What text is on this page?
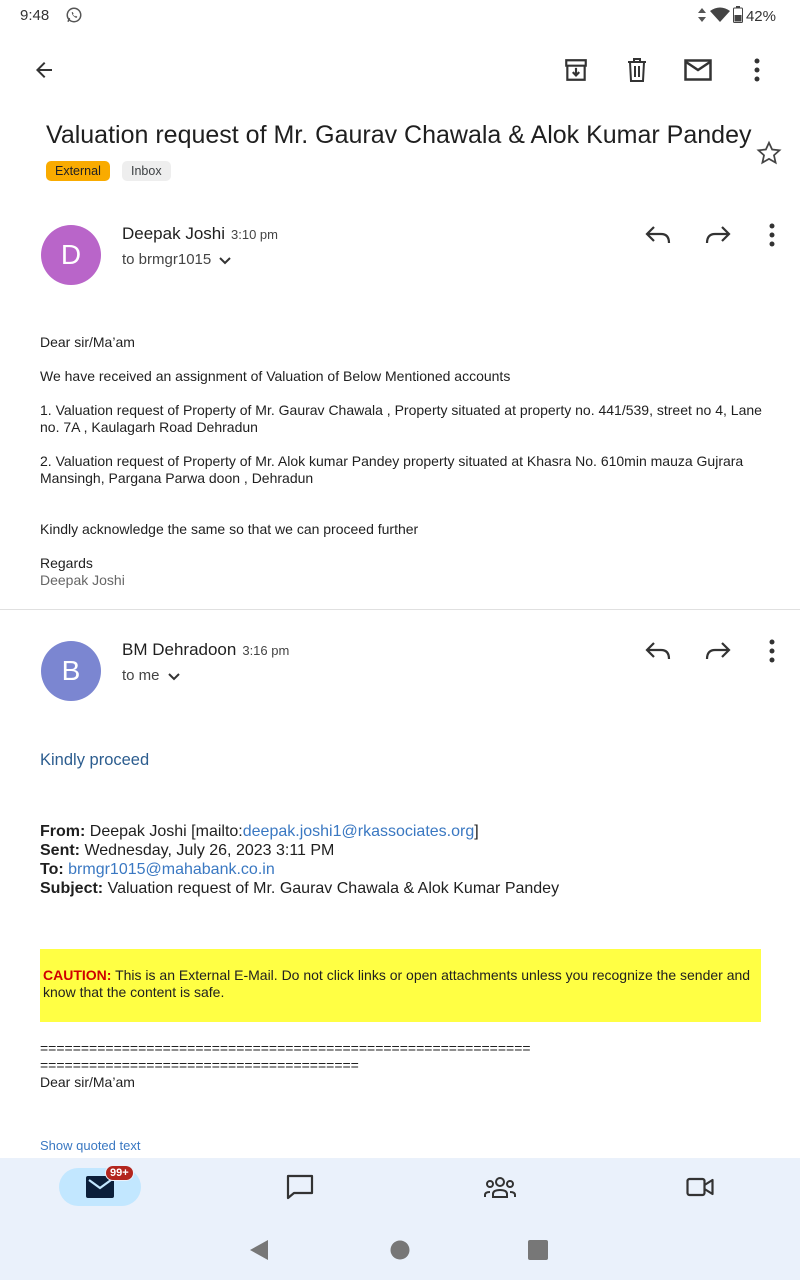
9:48	42%
Valuation request of Mr. Gaurav Chawala & Alok Kumar Pandey
External	Inbox
D
Deepak Joshi 3:10 pm
to brmgr1015
Dear sir/Ma’am
We have received an assignment of Valuation of Below Mentioned accounts
1. Valuation request of Property of Mr. Gaurav Chawala , Property situated at property no. 441/539, street no 4, Lane no. 7A , Kaulagarh Road Dehradun
2. Valuation request of Property of Mr. Alok kumar Pandey property situated at Khasra No. 610min mauza Gujrara Mansingh, Pargana Parwa doon , Dehradun
Kindly acknowledge the same so that we can proceed further
Regards
Deepak Joshi
B
BM Dehradoon 3:16 pm
to me
Kindly proceed
From: Deepak Joshi [mailto:deepak.joshi1@rkassociates.org]
Sent: Wednesday, July 26, 2023 3:11 PM
To: brmgr1015@mahabank.co.in
Subject: Valuation request of Mr. Gaurav Chawala & Alok Kumar Pandey
CAUTION: This is an External E-Mail. Do not click links or open attachments unless you recognize the sender and know that the content is safe.
============================================================
=======================================
Dear sir/Ma’am
Show quoted text
99+
